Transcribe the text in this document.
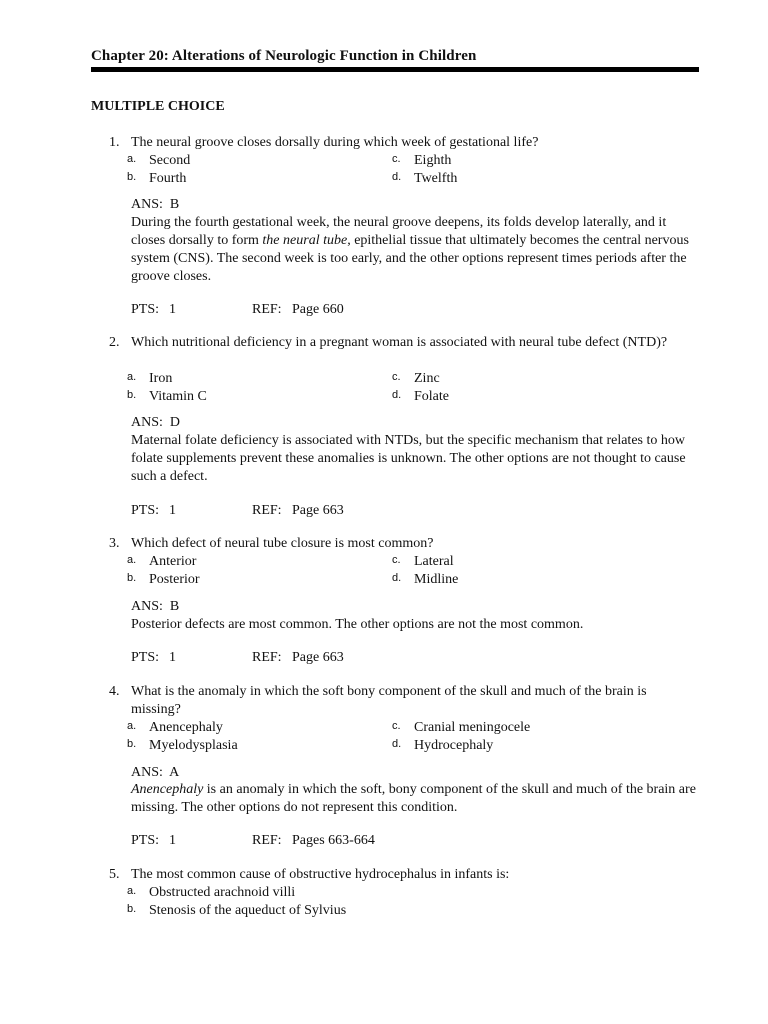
Chapter 20: Alterations of Neurologic Function in Children
MULTIPLE CHOICE
1. The neural groove closes dorsally during which week of gestational life?
a. Second
b. Fourth
c. Eighth
d. Twelfth
ANS: B
During the fourth gestational week, the neural groove deepens, its folds develop laterally, and it closes dorsally to form the neural tube, epithelial tissue that ultimately becomes the central nervous system (CNS). The second week is too early, and the other options represent times periods after the groove closes.
PTS: 1	REF: Page 660
2. Which nutritional deficiency in a pregnant woman is associated with neural tube defect (NTD)?
a. Iron
b. Vitamin C
c. Zinc
d. Folate
ANS: D
Maternal folate deficiency is associated with NTDs, but the specific mechanism that relates to how folate supplements prevent these anomalies is unknown. The other options are not thought to cause such a defect.
PTS: 1	REF: Page 663
3. Which defect of neural tube closure is most common?
a. Anterior
b. Posterior
c. Lateral
d. Midline
ANS: B
Posterior defects are most common. The other options are not the most common.
PTS: 1	REF: Page 663
4. What is the anomaly in which the soft bony component of the skull and much of the brain is missing?
a. Anencephaly
b. Myelodysplasia
c. Cranial meningocele
d. Hydrocephaly
ANS: A
Anencephaly is an anomaly in which the soft, bony component of the skull and much of the brain are missing. The other options do not represent this condition.
PTS: 1	REF: Pages 663-664
5. The most common cause of obstructive hydrocephalus in infants is:
a. Obstructed arachnoid villi
b. Stenosis of the aqueduct of Sylvius
